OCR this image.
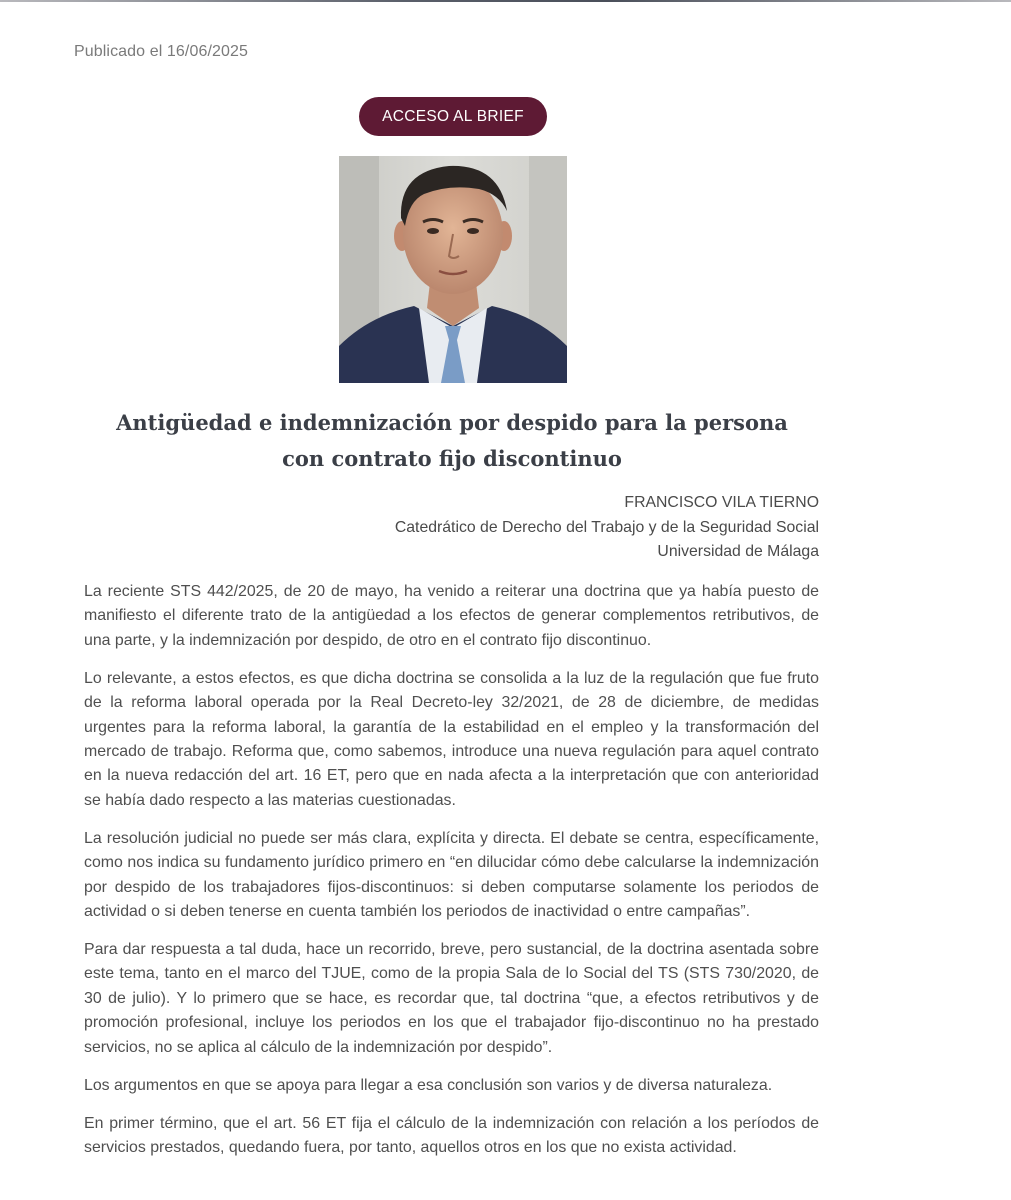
Publicado el 16/06/2025
ACCESO AL BRIEF
Antigüedad e indemnización por despido para la persona con contrato fijo discontinuo
FRANCISCO VILA TIERNO
Catedrático de Derecho del Trabajo y de la Seguridad Social
Universidad de Málaga

La reciente STS 442/2025, de 20 de mayo, ha venido a reiterar una doctrina que ya había puesto de manifiesto el diferente trato de la antigüedad a los efectos de generar complementos retributivos, de una parte, y la indemnización por despido, de otro en el contrato fijo discontinuo.

Lo relevante, a estos efectos, es que dicha doctrina se consolida a la luz de la regulación que fue fruto de la reforma laboral operada por la Real Decreto-ley 32/2021, de 28 de diciembre, de medidas urgentes para la reforma laboral, la garantía de la estabilidad en el empleo y la transformación del mercado de trabajo. Reforma que, como sabemos, introduce una nueva regulación para aquel contrato en la nueva redacción del art. 16 ET, pero que en nada afecta a la interpretación que con anterioridad se había dado respecto a las materias cuestionadas.

La resolución judicial no puede ser más clara, explícita y directa. El debate se centra, específicamente, como nos indica su fundamento jurídico primero en “en dilucidar cómo debe calcularse la indemnización por despido de los trabajadores fijos-discontinuos: si deben computarse solamente los periodos de actividad o si deben tenerse en cuenta también los periodos de inactividad o entre campañas”.

Para dar respuesta a tal duda, hace un recorrido, breve, pero sustancial, de la doctrina asentada sobre este tema, tanto en el marco del TJUE, como de la propia Sala de lo Social del TS (STS 730/2020, de 30 de julio). Y lo primero que se hace, es recordar que, tal doctrina “que, a efectos retributivos y de promoción profesional, incluye los periodos en los que el trabajador fijo-discontinuo no ha prestado servicios, no se aplica al cálculo de la indemnización por despido”.

Los argumentos en que se apoya para llegar a esa conclusión son varios y de diversa naturaleza.

En primer término, que el art. 56 ET fija el cálculo de la indemnización con relación a los períodos de servicios prestados, quedando fuera, por tanto, aquellos otros en los que no exista actividad.
